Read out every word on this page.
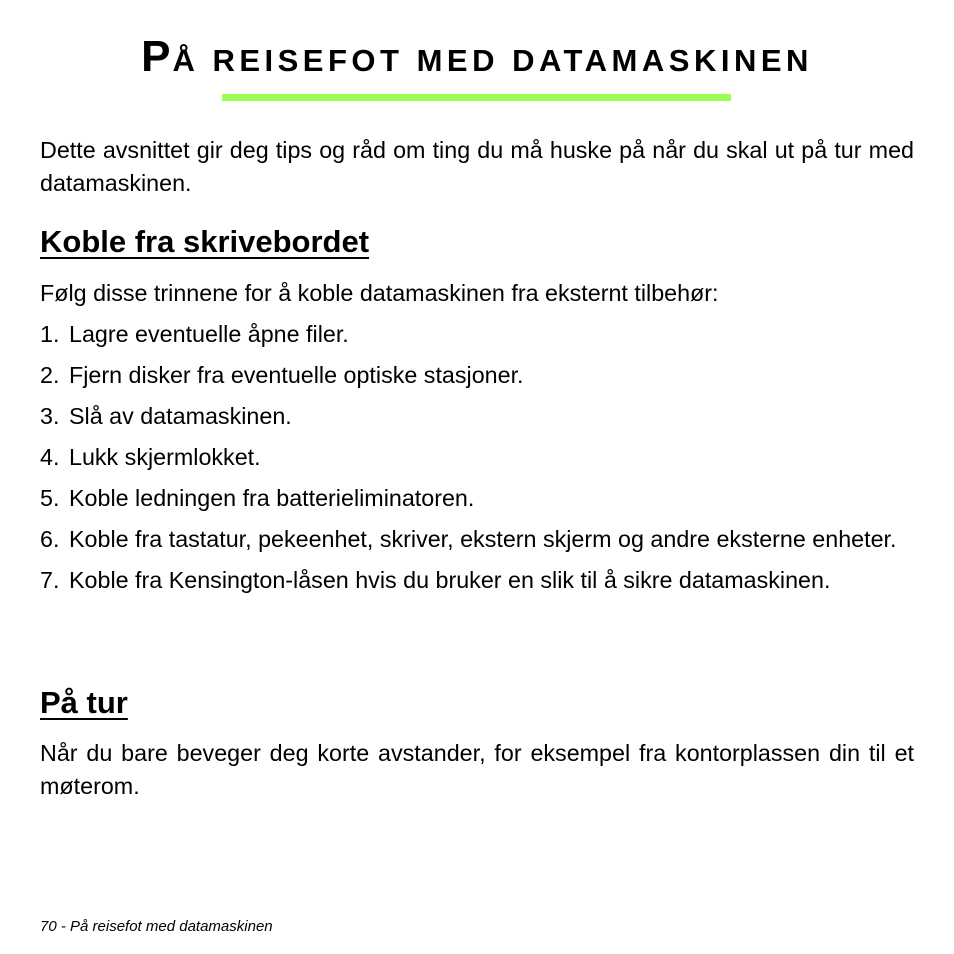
PÅ REISEFOT MED DATAMASKINEN
Dette avsnittet gir deg tips og råd om ting du må huske på når du skal ut på tur med datamaskinen.
Koble fra skrivebordet
Følg disse trinnene for å koble datamaskinen fra eksternt tilbehør:
1. Lagre eventuelle åpne filer.
2. Fjern disker fra eventuelle optiske stasjoner.
3. Slå av datamaskinen.
4. Lukk skjermlokket.
5. Koble ledningen fra batterieliminatoren.
6. Koble fra tastatur, pekeenhet, skriver, ekstern skjerm og andre eksterne enheter.
7. Koble fra Kensington-låsen hvis du bruker en slik til å sikre datamaskinen.
På tur
Når du bare beveger deg korte avstander, for eksempel fra kontorplassen din til et møterom.
70 - På reisefot med datamaskinen
